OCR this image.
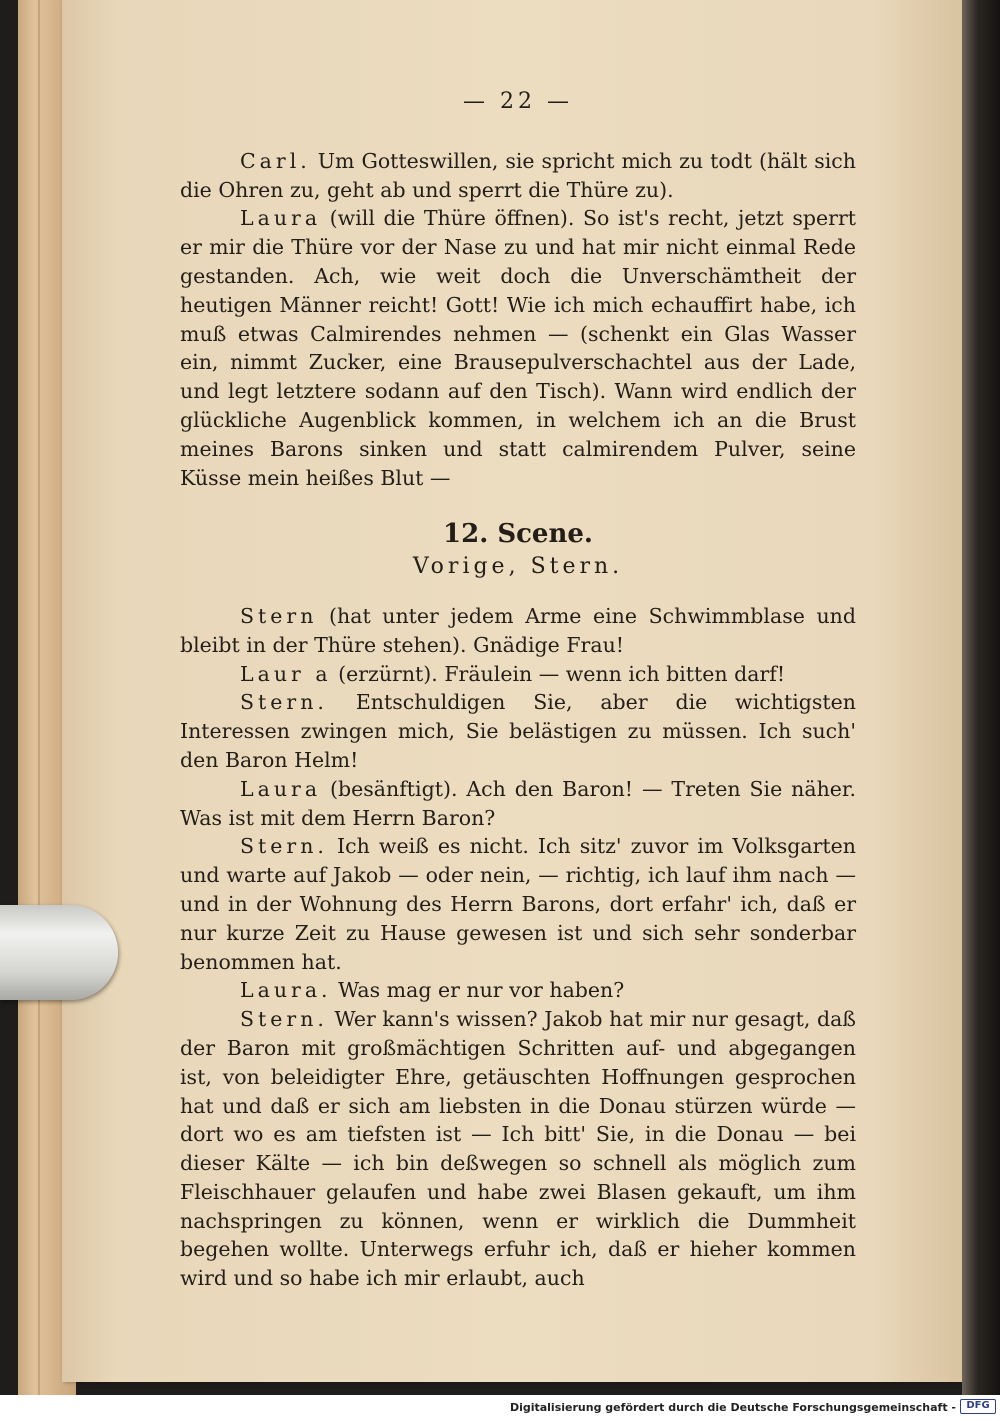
— 22 —

Carl. Um Gotteswillen, sie spricht mich zu todt (hält sich die Ohren zu, geht ab und sperrt die Thüre zu).

Laura (will die Thüre öffnen). So ist's recht, jetzt sperrt er mir die Thüre vor der Nase zu und hat mir nicht einmal Rede gestanden. Ach, wie weit doch die Unverschämtheit der heutigen Männer reicht! Gott! Wie ich mich echauffirt habe, ich muß etwas Calmirendes nehmen — (schenkt ein Glas Wasser ein, nimmt Zucker, eine Brausepulverschachtel aus der Lade, und legt letztere sodann auf den Tisch). Wann wird endlich der glückliche Augenblick kommen, in welchem ich an die Brust meines Barons sinken und statt calmirendem Pulver, seine Küsse mein heißes Blut —

12. Scene.
Vorige, Stern.

Stern (hat unter jedem Arme eine Schwimmblase und bleibt in der Thüre stehen). Gnädige Frau!

Laur a (erzürnt). Fräulein — wenn ich bitten darf!

Stern. Entschuldigen Sie, aber die wichtigsten Interessen zwingen mich, Sie belästigen zu müssen. Ich such' den Baron Helm!

Laura (besänftigt). Ach den Baron! — Treten Sie näher. Was ist mit dem Herrn Baron?

Stern. Ich weiß es nicht. Ich sitz' zuvor im Volksgarten und warte auf Jakob — oder nein, — richtig, ich lauf ihm nach — und in der Wohnung des Herrn Barons, dort erfahr' ich, daß er nur kurze Zeit zu Hause gewesen ist und sich sehr sonderbar benommen hat.

Laura. Was mag er nur vor haben?

Stern. Wer kann's wissen? Jakob hat mir nur gesagt, daß der Baron mit großmächtigen Schritten auf- und abgegangen ist, von beleidigter Ehre, getäuschten Hoffnungen gesprochen hat und daß er sich am liebsten in die Donau stürzen würde — dort wo es am tiefsten ist — Ich bitt' Sie, in die Donau — bei dieser Kälte — ich bin deßwegen so schnell als möglich zum Fleischhauer gelaufen und habe zwei Blasen gekauft, um ihm nachspringen zu können, wenn er wirklich die Dummheit begehen wollte. Unterwegs erfuhr ich, daß er hieher kommen wird und so habe ich mir erlaubt, auch

Digitalisierung gefördert durch die Deutsche Forschungsgemeinschaft -	DFG
